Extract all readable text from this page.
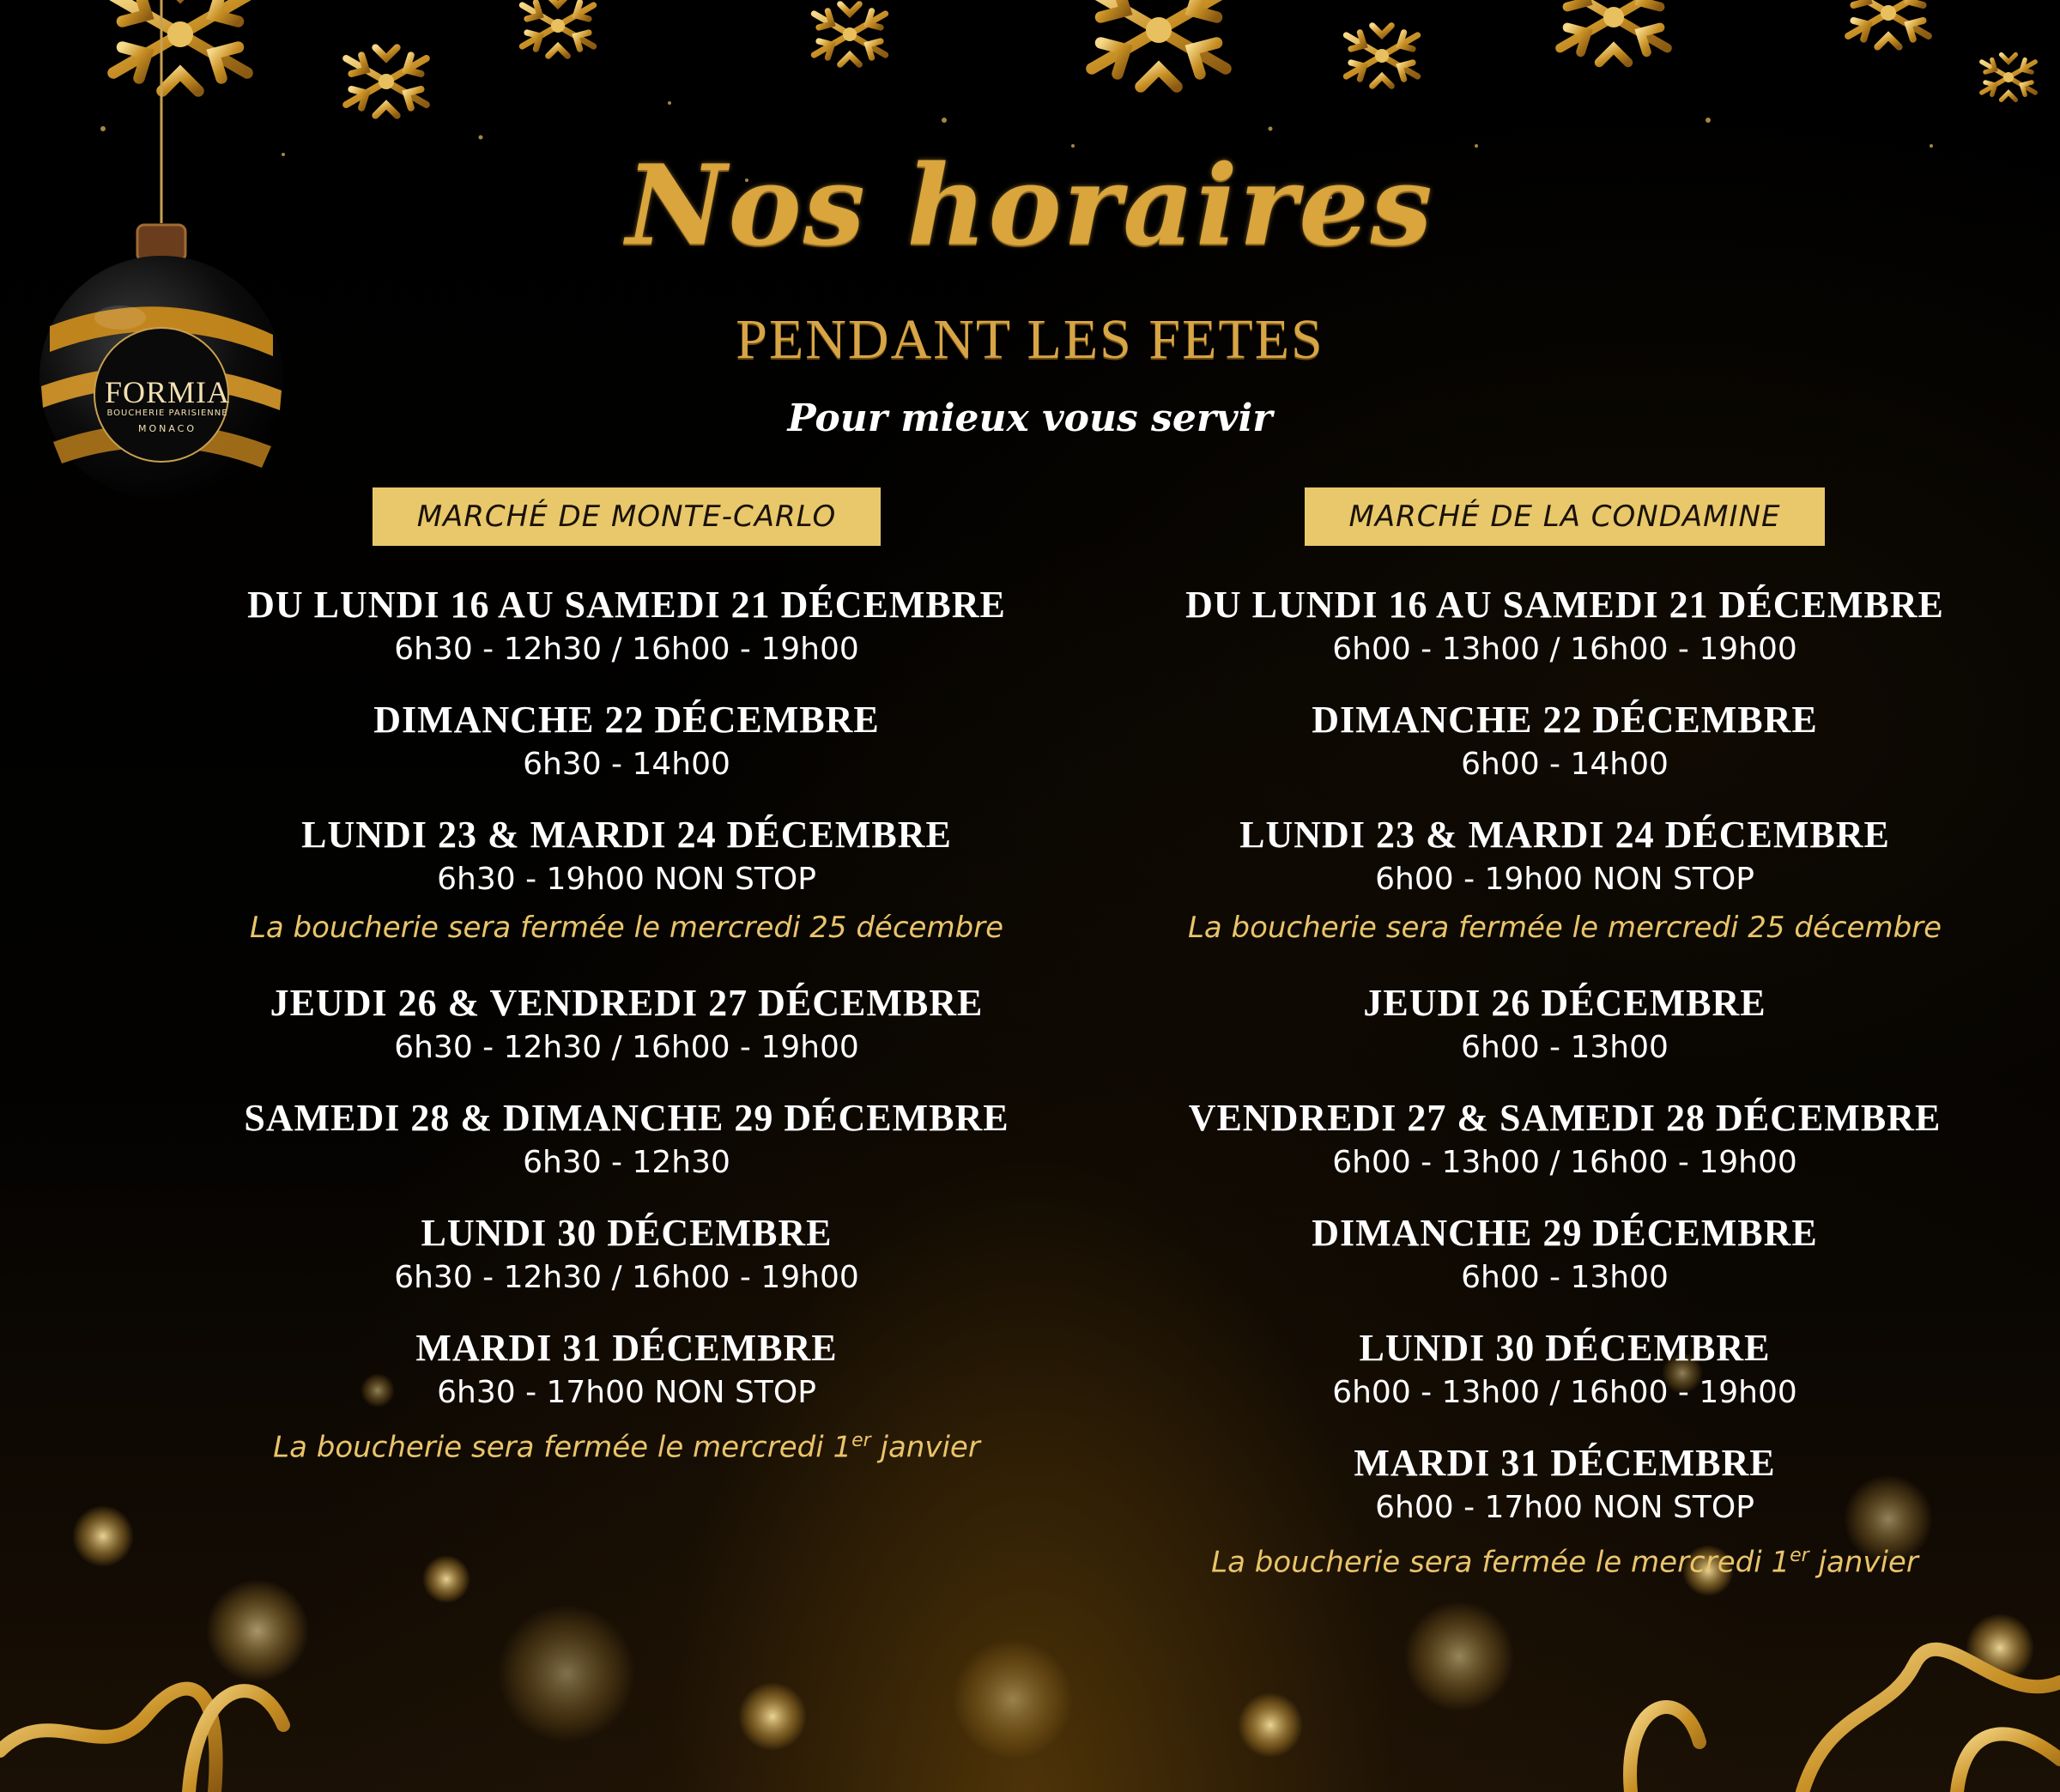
FORMIA
BOUCHERIE PARISIENNE
MONACO
Nos horaires
PENDANT LES FETES
Pour mieux vous servir
MARCHÉ DE MONTE-CARLO
DU LUNDI 16 AU SAMEDI 21 DÉCEMBRE
6h30 - 12h30 / 16h00 - 19h00
DIMANCHE 22 DÉCEMBRE
6h30 - 14h00
LUNDI 23 & MARDI 24 DÉCEMBRE
6h30 - 19h00 NON STOP
La boucherie sera fermée le mercredi 25 décembre
JEUDI 26 & VENDREDI 27 DÉCEMBRE
6h30 - 12h30 / 16h00 - 19h00
SAMEDI 28 & DIMANCHE 29 DÉCEMBRE
6h30 - 12h30
LUNDI 30 DÉCEMBRE
6h30 - 12h30 / 16h00 - 19h00
MARDI 31 DÉCEMBRE
6h30 - 17h00 NON STOP
La boucherie sera fermée le mercredi 1er janvier
MARCHÉ DE LA CONDAMINE
DU LUNDI 16 AU SAMEDI 21 DÉCEMBRE
6h00 - 13h00 / 16h00 - 19h00
DIMANCHE 22 DÉCEMBRE
6h00 - 14h00
LUNDI 23 & MARDI 24 DÉCEMBRE
6h00 - 19h00 NON STOP
La boucherie sera fermée le mercredi 25 décembre
JEUDI 26 DÉCEMBRE
6h00 - 13h00
VENDREDI 27 & SAMEDI 28 DÉCEMBRE
6h00 - 13h00 / 16h00 - 19h00
DIMANCHE 29 DÉCEMBRE
6h00 - 13h00
LUNDI 30 DÉCEMBRE
6h00 - 13h00 / 16h00 - 19h00
MARDI 31 DÉCEMBRE
6h00 - 17h00 NON STOP
La boucherie sera fermée le mercredi 1er janvier
